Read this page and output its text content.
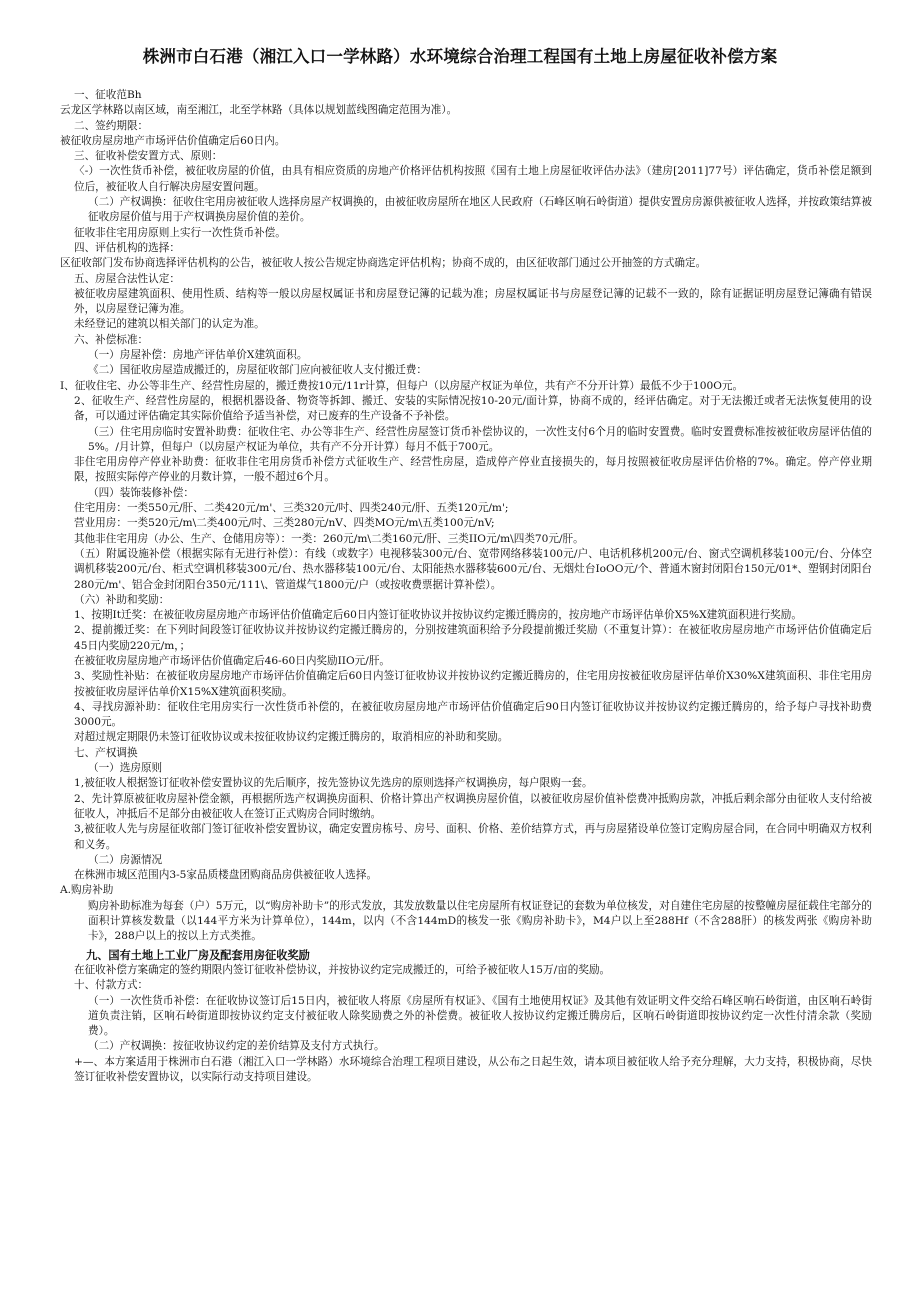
株洲市白石港（湘江入口一学林路）水环境综合治理工程国有土地上房屋征收补偿方案

一、征收范Bh

云龙区学林路以南区域，南至湘江，北至学林路（具体以规划蓝线图确定范围为准）。

二、签约期限：

被征收房屋房地产市场评估价值确定后60日内。

三、征收补偿安置方式、原则：

〈-）一次性货币补偿，被征收房屋的价值，由具有相应资质的房地产价格评估机构按照《国有土地上房屋征收评估办法》（建房[2011]77号）评估确定，货币补偿足额到位后，被征收人自行解决房屋安置问题。

（二）产权调换：征收住宅用房被征收人选择房屋产权调换的，由被征收房屋所在地区人民政府（石峰区响石岭街道）提供安置房房源供被征收人选择，并按政策结算被征收房屋价值与用于产权调换房屋价值的差价。

征收非住宅用房原则上实行一次性货币补偿。

四、评估机构的选择：

区征收部门发布协商选择评估机构的公告，被征收人按公告规定协商选定评估机构；协商不成的，由区征收部门通过公开抽签的方式确定。

五、房屋合法性认定：

被征收房屋建筑面积、使用性质、结构等一般以房屋权属证书和房屋登记簿的记载为准；房屋权属证书与房屋登记簿的记载不一致的，除有证据证明房屋登记簿确有错误外，以房屋登记簿为准。

未经登记的建筑以相关部门的认定为准。

六、补偿标准：

（一）房屋补偿：房地产评估单价X建筑面积。

《二）国征收房屋造成搬迁的，房屋征收部门应向被征收人支付搬迁费：

I、征收住宅、办公等非生产、经营性房屋的，搬迁费按10元/11r计算，但每户（以房屋产权证为单位，共有产不分开计算）最低不少于100O元。

2、征收生产、经营性房屋的，根据机器设备、物资等拆卸、搬迁、安装的实际情况按10-20元/面计算，协商不成的，经评估确定。对于无法搬迁或者无法恢复使用的设备，可以通过评估确定其实际价值给予适当补偿，对已废弃的生产设备不予补偿。

（三）住宅用房临时安置补助费：征收住宅、办公等非生产、经营性房屋签订货币补偿协议的，一次性支付6个月的临时安置费。临时安置费标准按被征收房屋评估值的5%。/月计算，但每户（以房屋产权证为单位，共有产不分开计算）每月不低于700元。

非住宅用房停产停业补助费：征收非住宅用房货币补偿方式征收生产、经营性房屋，造成停产停业直接损失的，每月按照被征收房屋评估价格的7%。确定。停产停业期限，按照实际停产停业的月数计算，一般不超过6个月。

（四）装饰装修补偿：

住宅用房：一类550元/肝、二类420元/m'、三类320元/吋、四类240元/肝、五类120元/m';

营业用房：一类520元/m\二类400元/吋、三类280元/nV、四类MO元/m\五类100元/nV;

其他非住宅用房（办公、生产、仓储用房等）：一类：260元/m\二类160元/肝、三类IIO元/m\四类70元/肝。

（五）附属设施补偿（根据实际有无进行补偿）：有线（或数字）电视移装300元/台、宽带网络移装100元/户、电话机移机200元/台、窗式空调机移装100元/台、分体空调机移装200元/台、柜式空调机移装300元/台、热水器移装100元/台、太阳能热水器移装600元/台、无烟灶台IoOO元/个、普通木窗封闭阳台150元/01*、塑钢封闭阳台280元/m'、铝合金封闭阳台350元/111\、管道煤气1800元/户（或按收费票据计算补偿）。

（六）补助和奖励：

1、按期It迁奖：在被征收房屋房地产市场评估价值确定后60日内签订征收协议并按协议约定搬迁腾房的，按房地产市场评估单价X5%X建筑面积进行奖励。

2、提前搬迁奖：在下列时间段签订征收协议并按协议约定搬迁腾房的，分别按建筑面积给予分段提前搬迁奖励（不重复计算）：在被征收房屋房地产市场评估价值确定后45日内奖励220元/m，；

在被征收房屋房地产市场评估价值确定后46-60日内奖励IIO元/肝。

3、奖励性补贴：在被征收房屋房地产市场评估价值确定后60日内签订征收协议并按协议约定搬近腾房的，住宅用房按被征收房屋评估单价X30%X建筑面积、非住宅用房按被征收房屋评估单价X15%X建筑面积奖励。

4、寻找房源补助：征收住宅用房实行一次性货币补偿的，在被征收房屋房地产市场评估价值确定后90日内签订征收协议并按协议约定搬迁腾房的，给予每户寻找补助费3000元。

对超过规定期限仍未签订征收协议或未按征收协议约定搬迁腾房的，取消相应的补助和奖励。

七、产权调换

（一）选房原则

1,被征收人根据签订征收补偿安置协议的先后顺序，按先签协议先选房的原则选择产权调换房，每户限购一套。

2、先计算原被征收房屋补偿金额，再根据所选产权调换房面积、价格计算出产权调换房屋价值，以被征收房屋价值补偿费冲抵购房款，冲抵后剩余部分由征收人支付给被征收人，冲抵后不足部分由被征收人在签订正式购房合同时缴纳。

3,被征收人先与房屋征收部门签订征收补偿安置协议，确定安置房栋号、房号、面积、价格、差价结算方式，再与房屋猪设单位签订定购房屋合同，在合同中明确双方权利和义务。

（二）房源情况

在株洲市城区范围内3-5家品质楼盘团购商品房供被征收人选择。

A.购房补助

购房补助标准为每套（户）5万元，以“购房补助卡”的形式发放，其发放数量以住宅房屋所有权证登记的套数为单位核发，对自建住宅房屋的按整幢房屋征载住宅部分的面积计算核发数量（以144平方米为计算单位），144m，以内（不含144mD的核发一张《购房补助卡》，M4户以上至288Hf（不含288肝）的核发两张《购房补助卡》，288户以上的按以上方式类推。

九、国有土地上工业厂房及配套用房征收奖励

在征收补偿方案确定的签约期限内签订征收补偿协议，并按协议约定完成搬迁的，可给予被征收人15万/亩的奖励。

十、付款方式：

（一）一次性货币补偿：在征收协议签订后15日内，被征收人将原《房屋所有权证》、《国有土地使用权证》及其他有效证明文件交给石峰区响石岭街道，由区响石岭街道负责注销，区响石岭街道即按协议约定支付被征收人除奖励费之外的补偿费。被征收人按协议约定搬迁腾房后，区响石岭街道即按协议约定一次性付清余款（奖励费）。

（二）产权调换：按征收协议约定的差价结算及支付方式执行。

+—、本方案适用于株洲市白石港（湘江入口一学林路）水环境综合治理工程项目建设，从公布之日起生效，请本项目被征收人给予充分理解，大力支持，积极协商，尽快签订征收补偿安置协议，以实际行动支持项目建设。
